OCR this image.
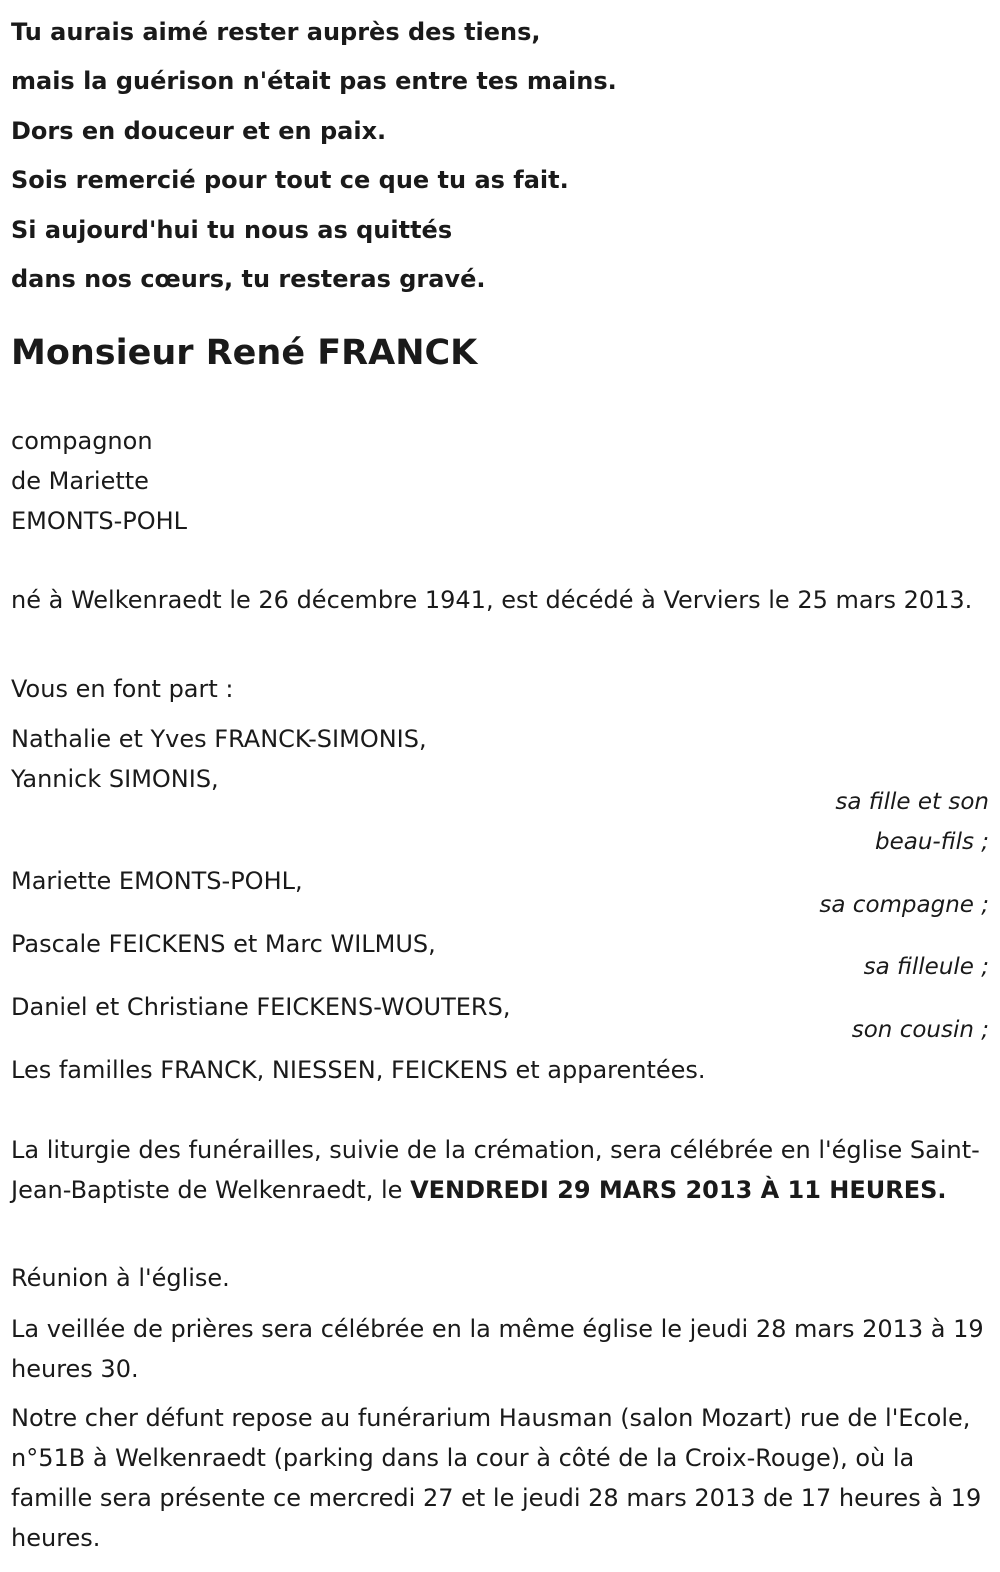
Tu aurais aimé rester auprès des tiens,

mais la guérison n'était pas entre tes mains.

Dors en douceur et en paix.

Sois remercié pour tout ce que tu as fait.

Si aujourd'hui tu nous as quittés

dans nos cœurs, tu resteras gravé.

Monsieur René FRANCK

compagnon

de Mariette

EMONTS-POHL

né à Welkenraedt le 26 décembre 1941, est décédé à Verviers le 25 mars 2013.

Vous en font part :
Nathalie et Yves FRANCK-SIMONIS,
Yannick SIMONIS,
sa fille et son
beau-fils ;
Mariette EMONTS-POHL,
sa compagne ;
Pascale FEICKENS et Marc WILMUS,
sa filleule ;
Daniel et Christiane FEICKENS-WOUTERS,
son cousin ;
Les familles FRANCK, NIESSEN, FEICKENS et apparentées.

La liturgie des funérailles, suivie de la crémation, sera célébrée en l'église Saint-Jean-Baptiste de Welkenraedt, le VENDREDI 29 MARS 2013 À 11 HEURES.

Réunion à l'église.

La veillée de prières sera célébrée en la même église le jeudi 28 mars 2013 à 19 heures 30.

Notre cher défunt repose au funérarium Hausman (salon Mozart) rue de l'Ecole, n°51B à Welkenraedt (parking dans la cour à côté de la Croix-Rouge), où la famille sera présente ce mercredi 27 et le jeudi 28 mars 2013 de 17 heures à 19 heures.
